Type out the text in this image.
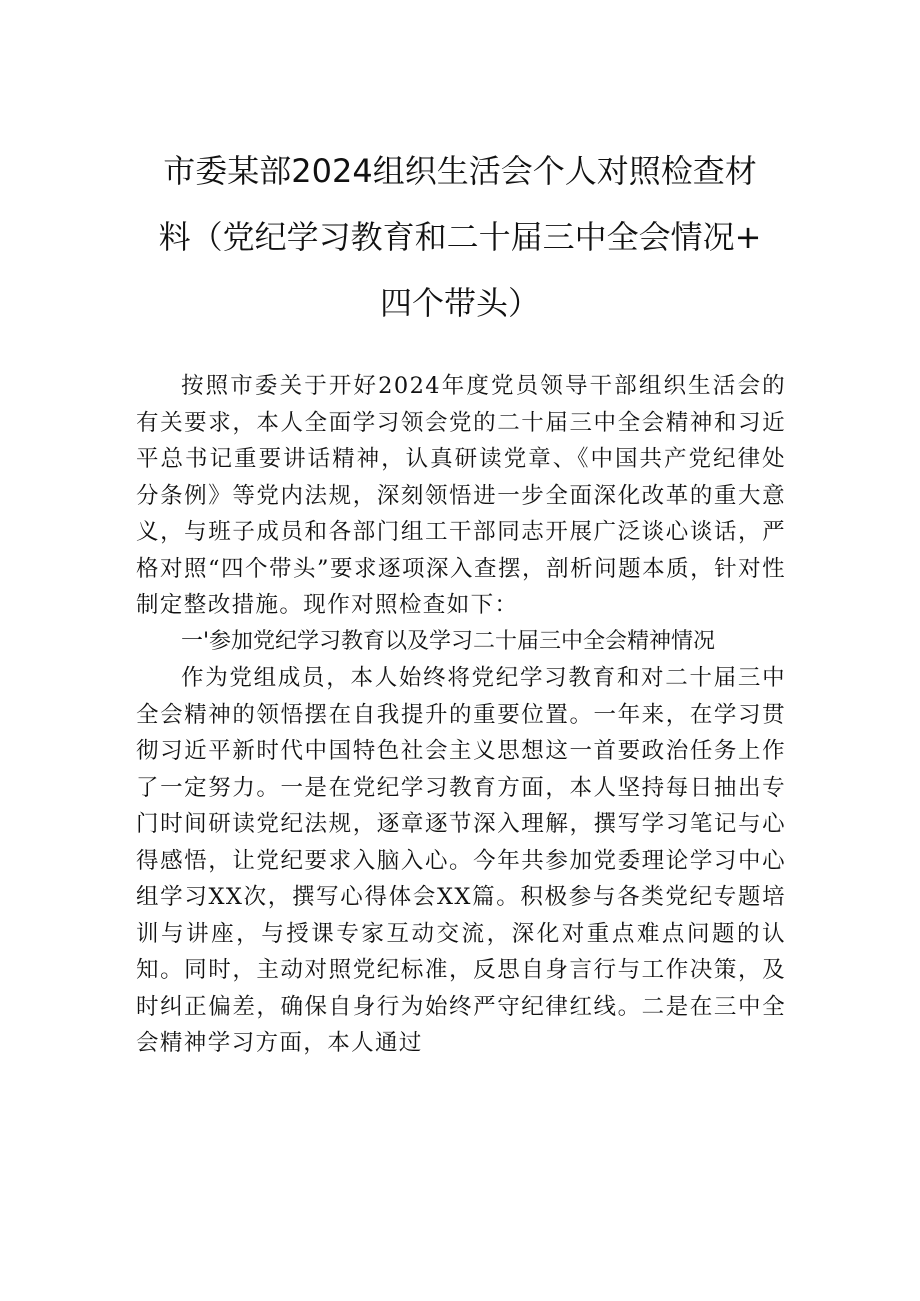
市委某部2024组织生活会个人对照检查材
料（党纪学习教育和二十届三中全会情况+
四个带头）

按照市委关于开好2024年度党员领导干部组织生活会的有关要求，本人全面学习领会党的二十届三中全会精神和习近平总书记重要讲话精神，认真研读党章、《中国共产党纪律处分条例》等党内法规，深刻领悟进一步全面深化改革的重大意义，与班子成员和各部门组工干部同志开展广泛谈心谈话，严格对照“四个带头”要求逐项深入查摆，剖析问题本质，针对性制定整改措施。现作对照检查如下：

一'参加党纪学习教育以及学习二十届三中全会精神情况

作为党组成员，本人始终将党纪学习教育和对二十届三中全会精神的领悟摆在自我提升的重要位置。一年来，在学习贯彻习近平新时代中国特色社会主义思想这一首要政治任务上作了一定努力。一是在党纪学习教育方面，本人坚持每日抽出专门时间研读党纪法规，逐章逐节深入理解，撰写学习笔记与心得感悟，让党纪要求入脑入心。今年共参加党委理论学习中心组学习XX次，撰写心得体会XX篇。积极参与各类党纪专题培训与讲座，与授课专家互动交流，深化对重点难点问题的认知。同时，主动对照党纪标准，反思自身言行与工作决策，及时纠正偏差，确保自身行为始终严守纪律红线。二是在三中全会精神学习方面，本人通过
